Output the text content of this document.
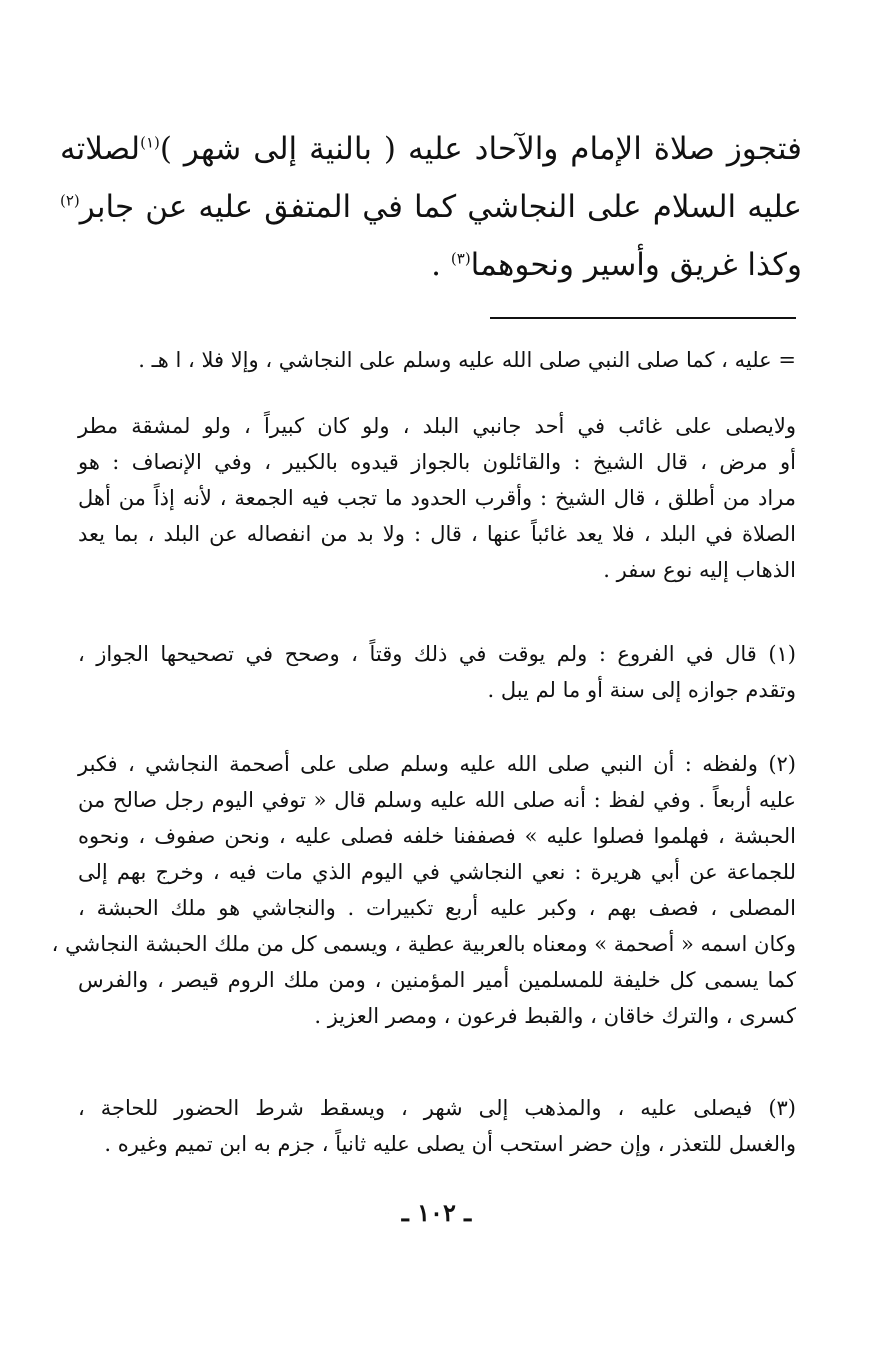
فتجوز صلاة الإمام والآحاد عليه ( بالنية إلى شهر )$^{(١)}$لصلاته
عليه السلام على النجاشي كما في المتفق عليه عن جابر$^{(٢)}$
وكذا غريق وأسير ونحوهما$^{(٣)}$ .
= عليه ، كما صلى النبي صلى الله عليه وسلم على النجاشي ، وإلا فلا ، ا هـ .
ولايصلى على غائب في أحد جانبي البلد ، ولو كان كبيراً ، ولو لمشقة مطر
أو مرض ، قال الشيخ : والقائلون بالجواز قيدوه بالكبير ، وفي الإنصاف : هو
مراد من أطلق ، قال الشيخ : وأقرب الحدود ما تجب فيه الجمعة ، لأنه إذاً من أهل
الصلاة في البلد ، فلا يعد غائباً عنها ، قال : ولا بد من انفصاله عن البلد ، بما يعد
الذهاب إليه نوع سفر .
(١) قال في الفروع : ولم يوقت في ذلك وقتاً ، وصحح في تصحيحها الجواز ،
وتقدم جوازه إلى سنة أو ما لم يبل .
(٢) ولفظه : أن النبي صلى الله عليه وسلم صلى على أصحمة النجاشي ، فكبر
عليه أربعاً . وفي لفظ : أنه صلى الله عليه وسلم قال « توفي اليوم رجل صالح من
الحبشة ، فهلموا فصلوا عليه » فصففنا خلفه فصلى عليه ، ونحن صفوف ، ونحوه
للجماعة عن أبي هريرة : نعي النجاشي في اليوم الذي مات فيه ، وخرج بهم إلى
المصلى ، فصف بهم ، وكبر عليه أربع تكبيرات . والنجاشي هو ملك الحبشة ،
وكان اسمه « أصحمة » ومعناه بالعربية عطية ، ويسمى كل من ملك الحبشة النجاشي ،
كما يسمى كل خليفة للمسلمين أمير المؤمنين ، ومن ملك الروم قيصر ، والفرس
كسرى ، والترك خاقان ، والقبط فرعون ، ومصر العزيز .
(٣) فيصلى عليه ، والمذهب إلى شهر ، ويسقط شرط الحضور للحاجة ،
والغسل للتعذر ، وإن حضر استحب أن يصلى عليه ثانياً ، جزم به ابن تميم وغيره .
ـ ١٠٢ ـ
